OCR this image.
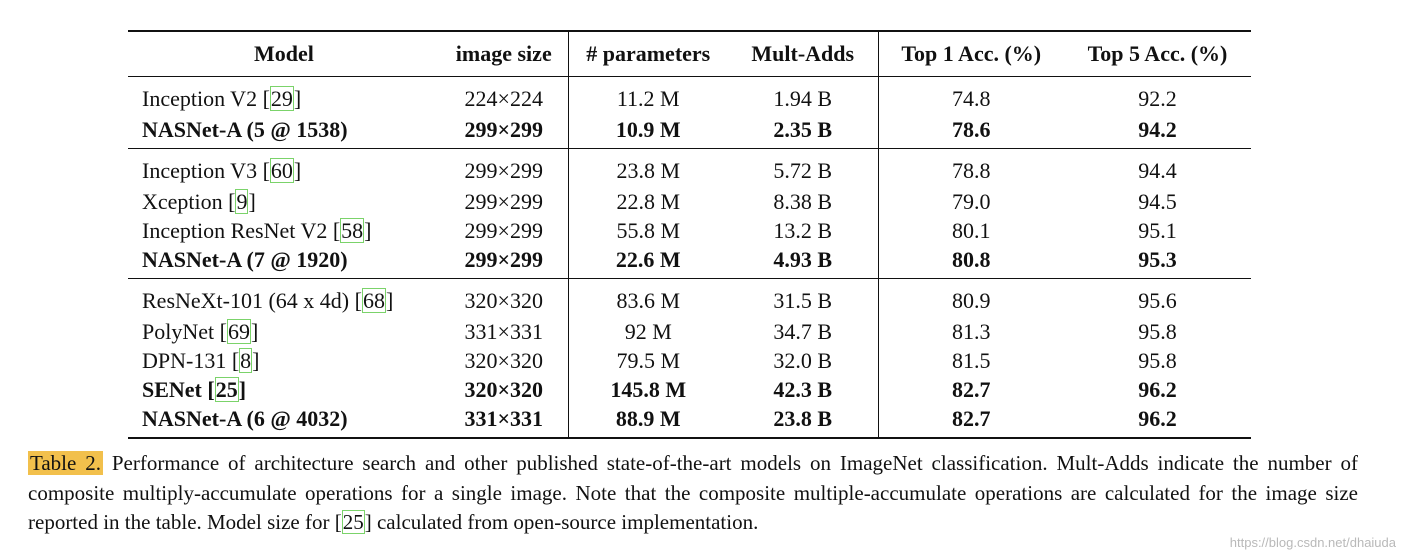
Model	image size	# parameters	Mult-Adds	Top 1 Acc. (%)	Top 5 Acc. (%)
Inception V2 [29]	224×224	11.2 M	1.94 B	74.8	92.2
NASNet-A (5 @ 1538)	299×299	10.9 M	2.35 B	78.6	94.2
Inception V3 [60]	299×299	23.8 M	5.72 B	78.8	94.4
Xception [9]	299×299	22.8 M	8.38 B	79.0	94.5
Inception ResNet V2 [58]	299×299	55.8 M	13.2 B	80.1	95.1
NASNet-A (7 @ 1920)	299×299	22.6 M	4.93 B	80.8	95.3
ResNeXt-101 (64 x 4d) [68]	320×320	83.6 M	31.5 B	80.9	95.6
PolyNet [69]	331×331	92 M	34.7 B	81.3	95.8
DPN-131 [8]	320×320	79.5 M	32.0 B	81.5	95.8
SENet [25]	320×320	145.8 M	42.3 B	82.7	96.2
NASNet-A (6 @ 4032)	331×331	88.9 M	23.8 B	82.7	96.2
Table 2. Performance of architecture search and other published state-of-the-art models on ImageNet classification. Mult-Adds indicate the number of composite multiply-accumulate operations for a single image. Note that the composite multiple-accumulate operations are calculated for the image size reported in the table. Model size for [25] calculated from open-source implementation.
https://blog.csdn.net/dhaiuda
